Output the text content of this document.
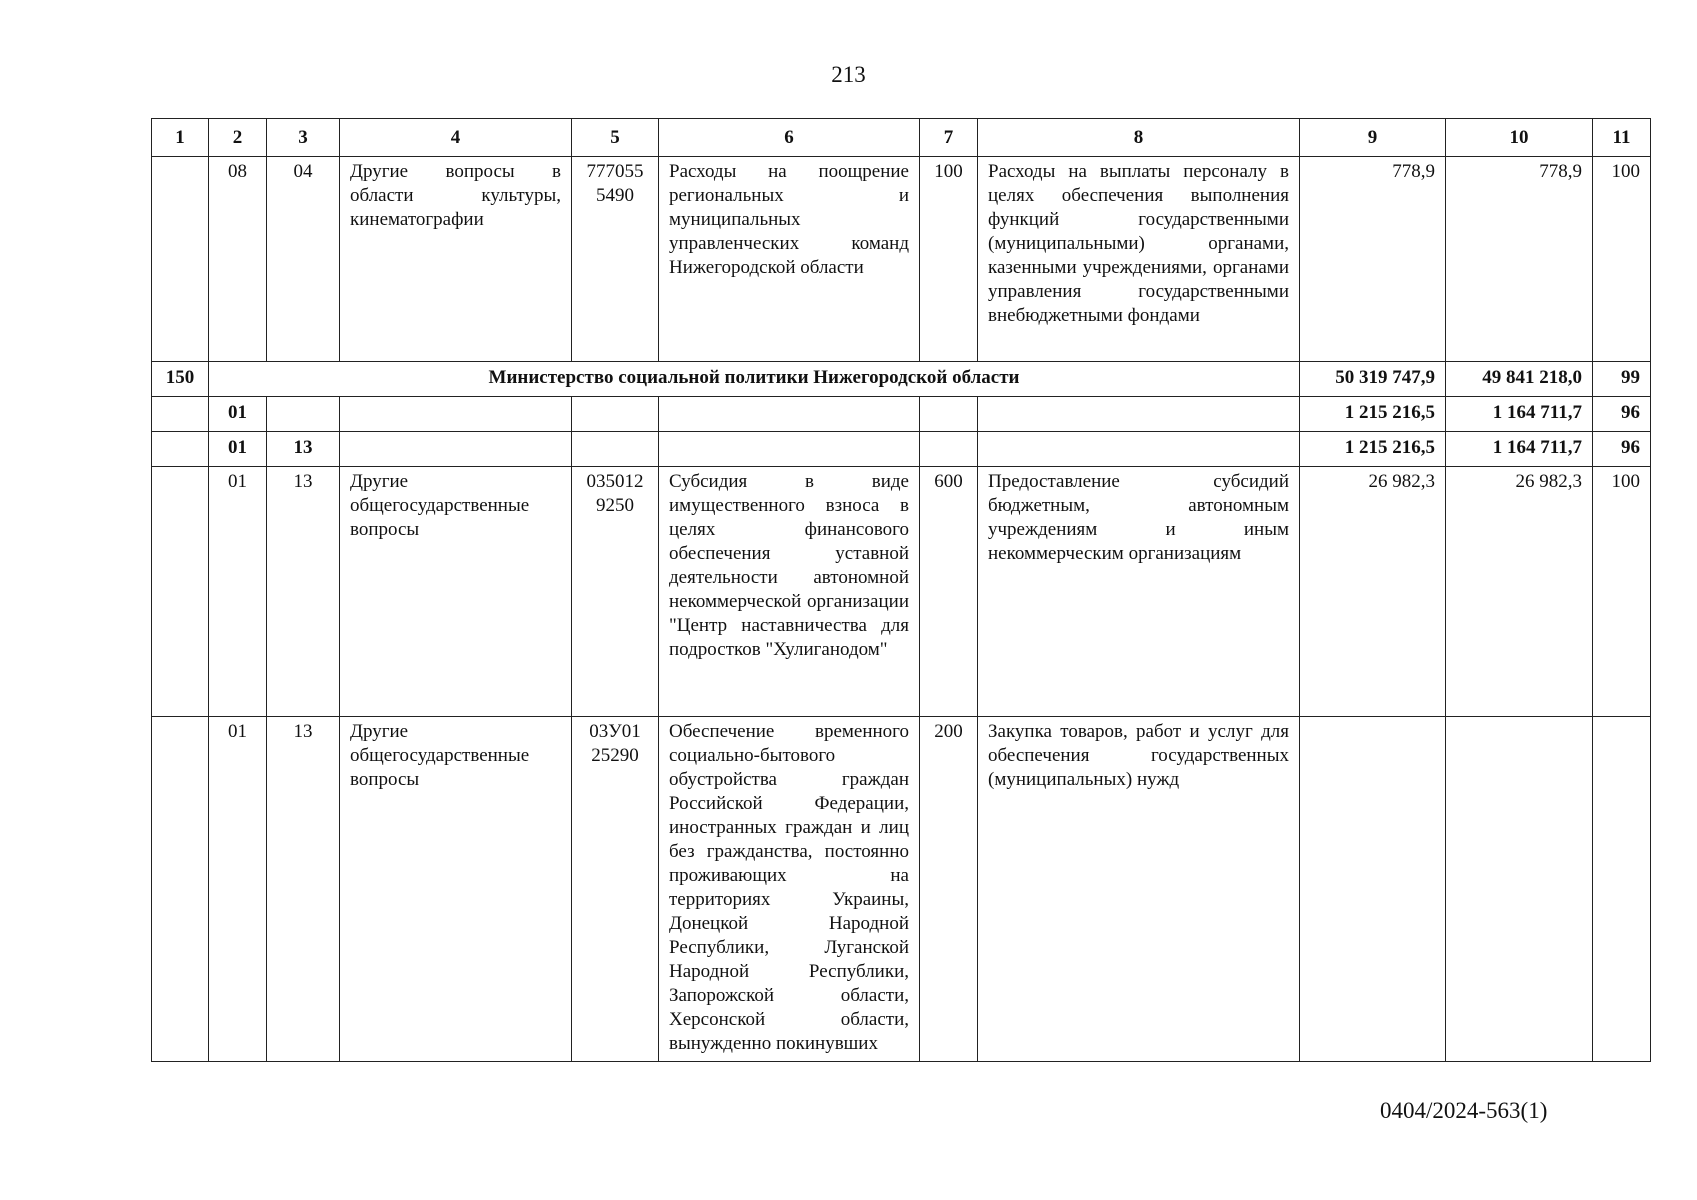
213
1	2	3	4	5	6	7	8	9	10	11
	08	04	Другие вопросы в области культуры, кинематографии	777055 5490	Расходы на поощрение региональных и муниципальных управленческих команд Нижегородской области	100	Расходы на выплаты персоналу в целях обеспечения выполнения функций государственными (муниципальными) органами, казенными учреждениями, органами управления государственными внебюджетными фондами	778,9	778,9	100
150	Министерство социальной политики Нижегородской области							50 319 747,9	49 841 218,0	99
	01							1 215 216,5	1 164 711,7	96
	01	13						1 215 216,5	1 164 711,7	96
	01	13	Другие общегосударственные вопросы	035012 9250	Субсидия в виде имущественного взноса в целях финансового обеспечения уставной деятельности автономной некоммерческой организации "Центр наставничества для подростков "Хулиганодом"	600	Предоставление субсидий бюджетным, автономным учреждениям и иным некоммерческим организациям	26 982,3	26 982,3	100
	01	13	Другие общегосударственные вопросы	03У01 25290	Обеспечение временного социально-бытового обустройства граждан Российской Федерации, иностранных граждан и лиц без гражданства, постоянно проживающих на территориях Украины, Донецкой Народной Республики, Луганской Народной Республики, Запорожской области, Херсонской области, вынужденно покинувших	200	Закупка товаров, работ и услуг для обеспечения государственных (муниципальных) нужд			
0404/2024-563(1)
